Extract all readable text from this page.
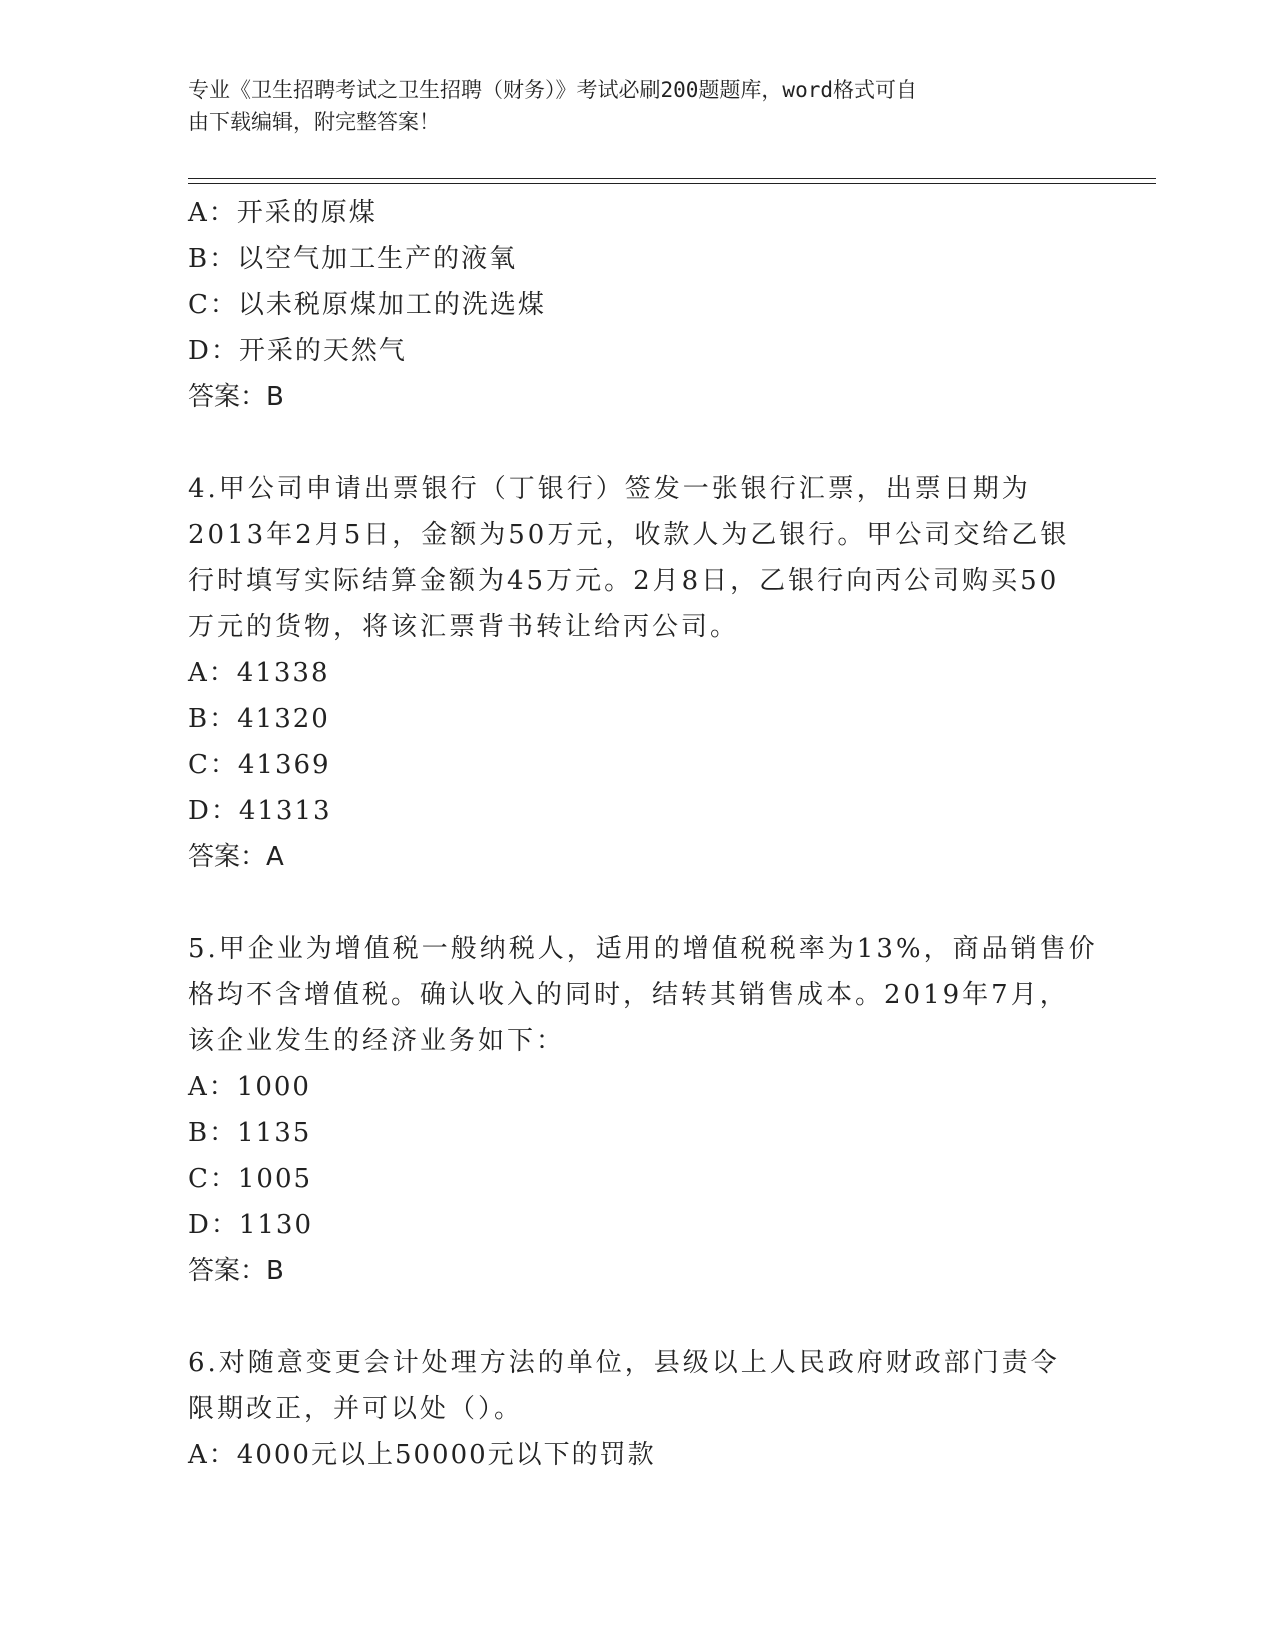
专业《卫生招聘考试之卫生招聘（财务）》考试必刷200题题库，word格式可自
由下载编辑，附完整答案！
A：开采的原煤
B：以空气加工生产的液氧
C：以未税原煤加工的洗选煤
D：开采的天然气
答案：B
4.甲公司申请出票银行（丁银行）签发一张银行汇票，出票日期为
2013年2月5日，金额为50万元，收款人为乙银行。甲公司交给乙银
行时填写实际结算金额为45万元。2月8日，乙银行向丙公司购买50
万元的货物，将该汇票背书转让给丙公司。
A：41338
B：41320
C：41369
D：41313
答案：A
5.甲企业为增值税一般纳税人，适用的增值税税率为13%，商品销售价
格均不含增值税。确认收入的同时，结转其销售成本。2019年7月，
该企业发生的经济业务如下：
A：1000
B：1135
C：1005
D：1130
答案：B
6.对随意变更会计处理方法的单位，县级以上人民政府财政部门责令
限期改正，并可以处（）。
A：4000元以上50000元以下的罚款
